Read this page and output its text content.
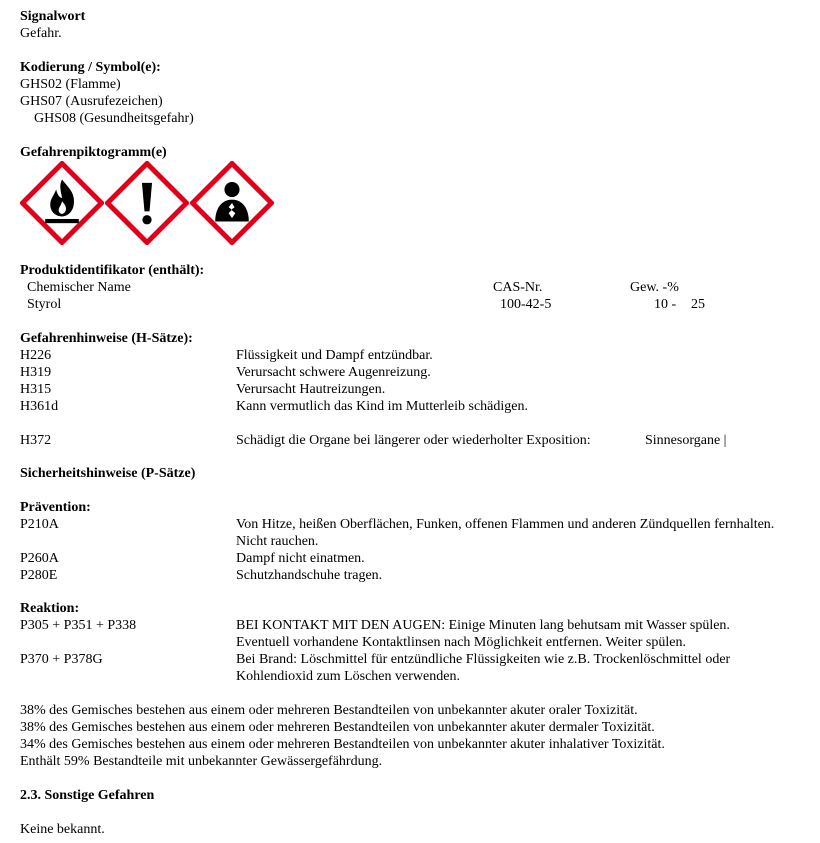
Signalwort
Gefahr.
Kodierung / Symbol(e):
GHS02 (Flamme)
GHS07 (Ausrufezeichen)
GHS08 (Gesundheitsgefahr)
Gefahrenpiktogramm(e)
Produktidentifikator (enthält):
Chemischer Name	CAS-Nr.	Gew. -%
Styrol	100-42-5	10 - 25
Gefahrenhinweise (H-Sätze):
H226	Flüssigkeit und Dampf entzündbar.
H319	Verursacht schwere Augenreizung.
H315	Verursacht Hautreizungen.
H361d	Kann vermutlich das Kind im Mutterleib schädigen.
H372	Schädigt die Organe bei längerer oder wiederholter Exposition:	Sinnesorgane |
Sicherheitshinweise (P-Sätze)
Prävention:
P210A	Von Hitze, heißen Oberflächen, Funken, offenen Flammen und anderen Zündquellen fernhalten.
Nicht rauchen.
P260A	Dampf nicht einatmen.
P280E	Schutzhandschuhe tragen.
Reaktion:
P305 + P351 + P338	BEI KONTAKT MIT DEN AUGEN: Einige Minuten lang behutsam mit Wasser spülen.
Eventuell vorhandene Kontaktlinsen nach Möglichkeit entfernen. Weiter spülen.
P370 + P378G	Bei Brand: Löschmittel für entzündliche Flüssigkeiten wie z.B. Trockenlöschmittel oder
Kohlendioxid zum Löschen verwenden.
38% des Gemisches bestehen aus einem oder mehreren Bestandteilen von unbekannter akuter oraler Toxizität.
38% des Gemisches bestehen aus einem oder mehreren Bestandteilen von unbekannter akuter dermaler Toxizität.
34% des Gemisches bestehen aus einem oder mehreren Bestandteilen von unbekannter akuter inhalativer Toxizität.
Enthält 59% Bestandteile mit unbekannter Gewässergefährdung.
2.3. Sonstige Gefahren
Keine bekannt.
